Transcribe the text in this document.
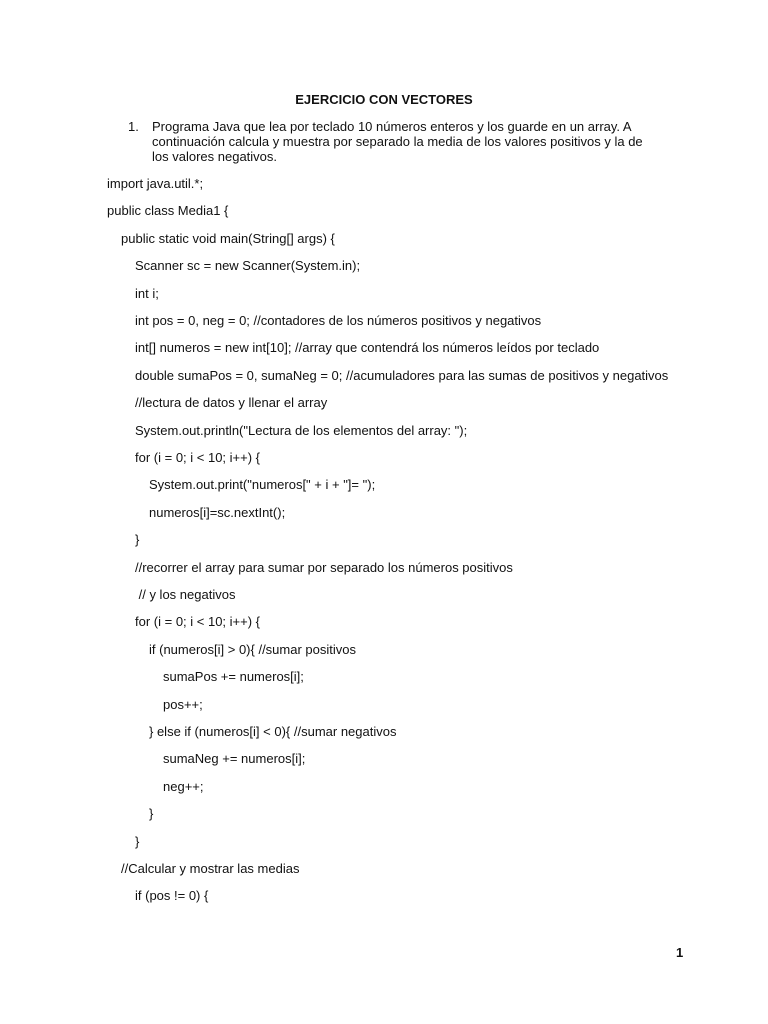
EJERCICIO CON VECTORES
1. Programa Java que lea por teclado 10 números enteros y los guarde en un array. A continuación calcula y muestra por separado la media de los valores positivos y la de los valores negativos.
import java.util.*;
public class Media1 {
public static void main(String[] args) {
Scanner sc = new Scanner(System.in);
int i;
int pos = 0, neg = 0; //contadores de los números positivos y negativos
int[] numeros = new int[10]; //array que contendrá los números leídos por teclado
double sumaPos = 0, sumaNeg = 0; //acumuladores para las sumas de positivos y negativos
//lectura de datos y llenar el array
System.out.println("Lectura de los elementos del array: ");
for (i = 0; i < 10; i++) {
System.out.print("numeros[" + i + "]= ");
numeros[i]=sc.nextInt();
}
//recorrer el array para sumar por separado los números positivos
// y los negativos
for (i = 0; i < 10; i++) {
if (numeros[i] > 0){ //sumar positivos
sumaPos += numeros[i];
pos++;
} else if (numeros[i] < 0){ //sumar negativos
sumaNeg += numeros[i];
neg++;
}
}
//Calcular y mostrar las medias
if (pos != 0) {
1
